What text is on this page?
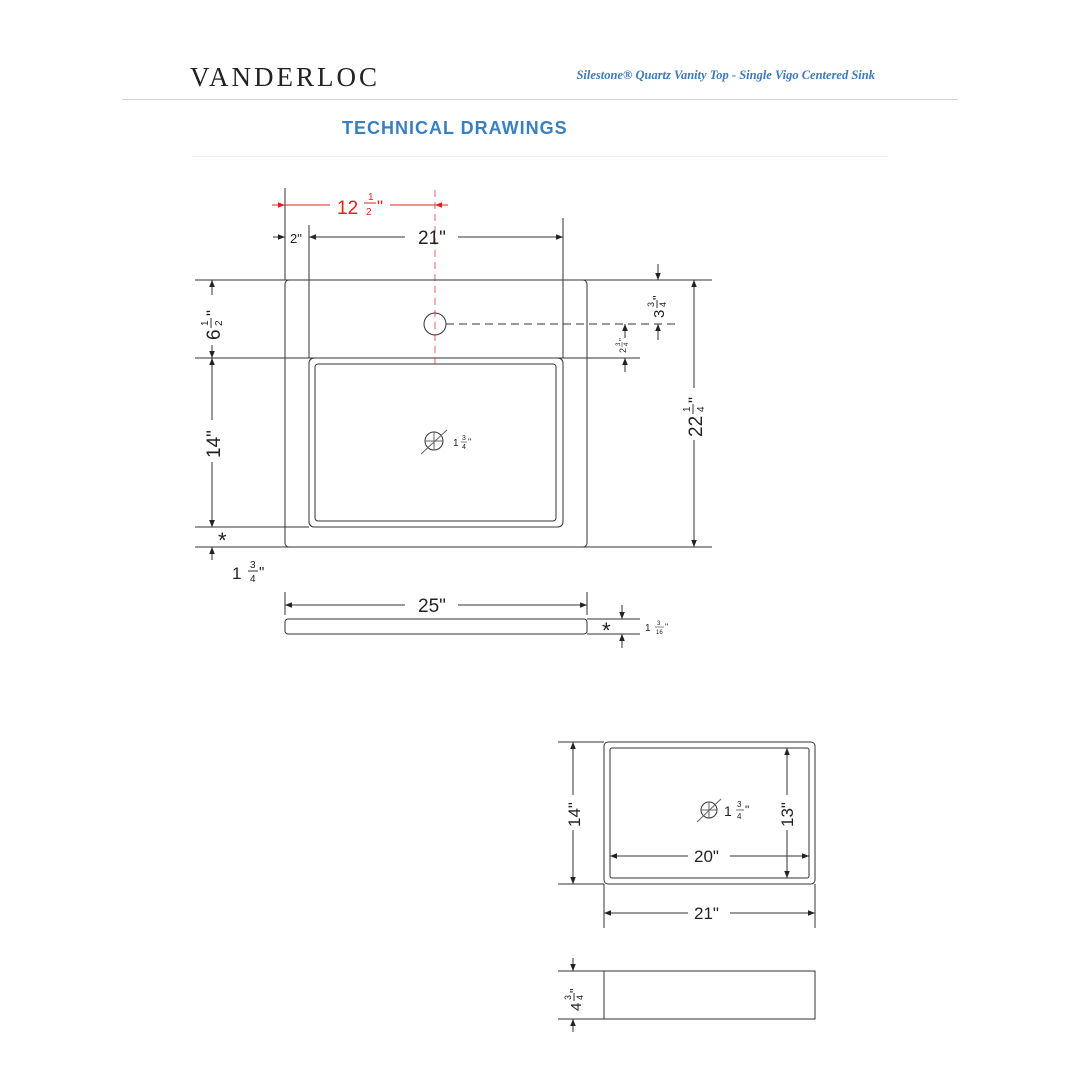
VANDERLOC	Silestone® Quartz Vanity Top - Single Vigo Centered Sink
TECHNICAL DRAWINGS
12
1
2 "
2"	21"
6
1 2
"
14"
*
1 3
4 "
3
3 4
"
2
3 4
"
22
1 4
"
1 3
4
"
25"
*	1 3
16
"
14"	13"
20"
21"
1 3
4 "
4
3 4
"
